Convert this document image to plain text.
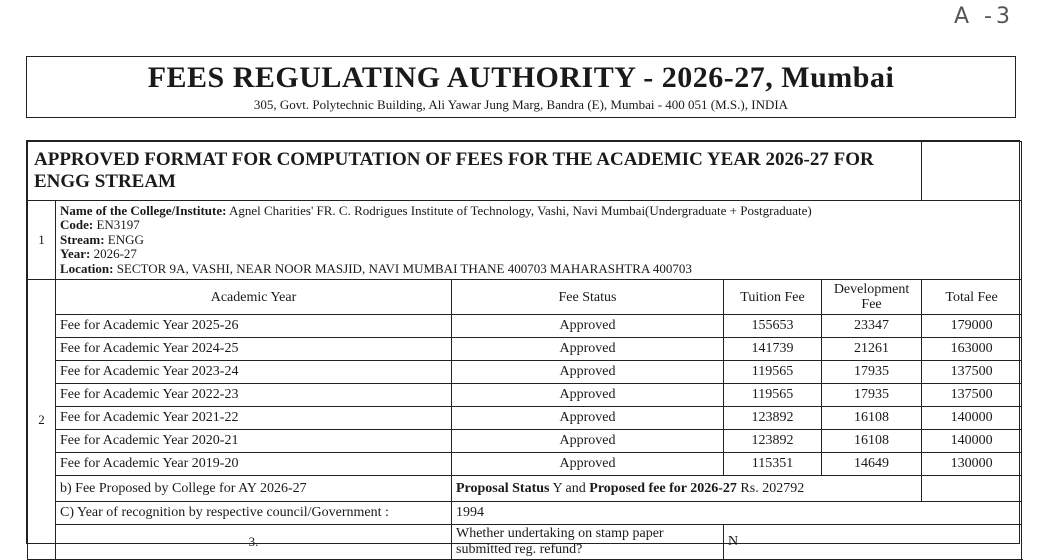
A -3
FEES REGULATING AUTHORITY - 2026-27, Mumbai
305, Govt. Polytechnic Building, Ali Yawar Jung Marg, Bandra (E), Mumbai - 400 051 (M.S.), INDIA
APPROVED FORMAT FOR COMPUTATION OF FEES FOR THE ACADEMIC YEAR 2026-27 FOR ENGG STREAM					
1	Name of the College/Institute: Agnel Charities' FR. C. Rodrigues Institute of Technology, Vashi, Navi Mumbai(Undergraduate + Postgraduate)
Code: EN3197
Stream: ENGG
Year: 2026-27
Location: SECTOR 9A, VASHI, NEAR NOOR MASJID, NAVI MUMBAI THANE 400703 MAHARASHTRA 400703				

2	Academic Year	Fee Status	Tuition Fee	Development Fee	Total Fee
	Fee for Academic Year 2025-26	Approved	155653	23347	179000
	Fee for Academic Year 2024-25	Approved	141739	21261	163000
	Fee for Academic Year 2023-24	Approved	119565	17935	137500
	Fee for Academic Year 2022-23	Approved	119565	17935	137500
	Fee for Academic Year 2021-22	Approved	123892	16108	140000
	Fee for Academic Year 2020-21	Approved	123892	16108	140000
	Fee for Academic Year 2019-20	Approved	115351	14649	130000
	b) Fee Proposed by College for AY 2026-27	Proposal Status Y and Proposed fee for 2026-27 Rs. 202792			
	C) Year of recognition by respective council/Government :	1994			
	3.	Whether undertaking on stamp paper submitted reg. refund?	N		
